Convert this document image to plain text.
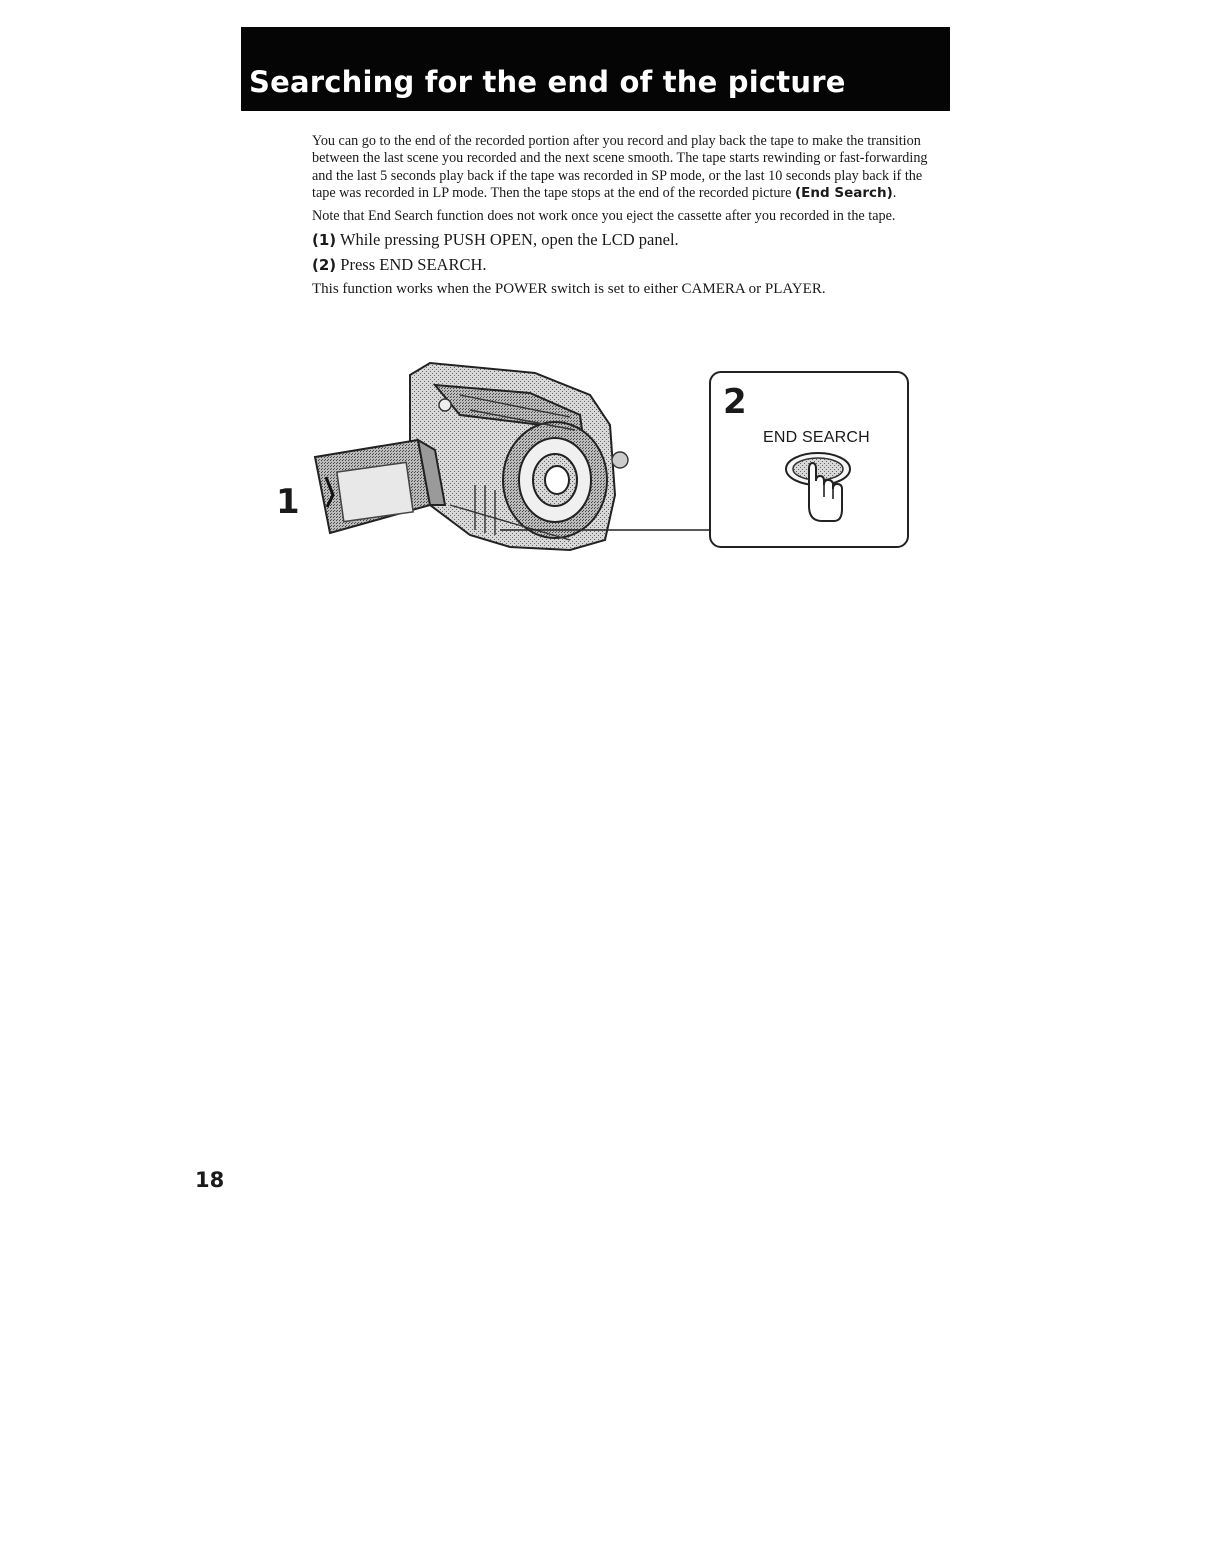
Searching for the end of the picture

You can go to the end of the recorded portion after you record and play back the tape to make the transition between the last scene you recorded and the next scene smooth. The tape starts rewinding or fast-forwarding and the last 5 seconds play back if the tape was recorded in SP mode, or the last 10 seconds play back if the tape was recorded in LP mode. Then the tape stops at the end of the recorded picture (End Search).

Note that End Search function does not work once you eject the cassette after you recorded in the tape.

(1) While pressing PUSH OPEN, open the LCD panel.

(2) Press END SEARCH.

This function works when the POWER switch is set to either CAMERA or PLAYER.

1
2
END SEARCH
18
